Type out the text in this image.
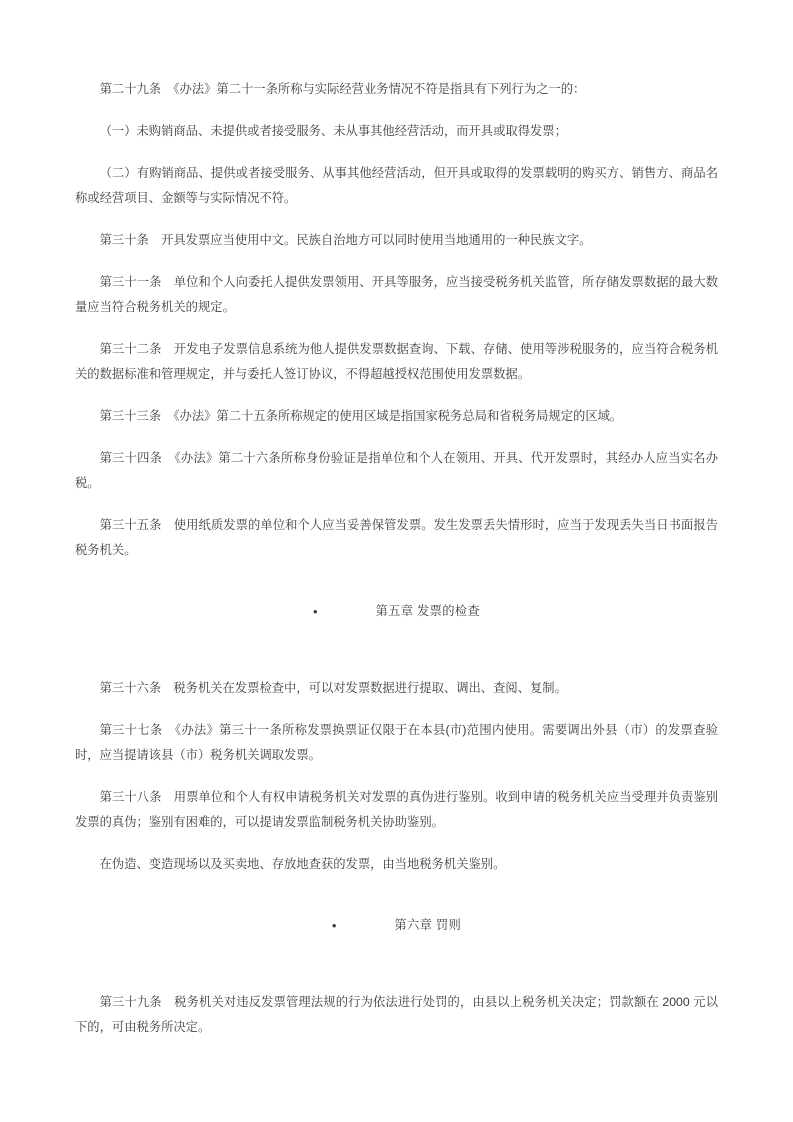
第二十九条　《办法》第二十一条所称与实际经营业务情况不符是指具有下列行为之一的：

（一）未购销商品、未提供或者接受服务、未从事其他经营活动，而开具或取得发票；

（二）有购销商品、提供或者接受服务、从事其他经营活动，但开具或取得的发票载明的购买方、销售方、商品名称或经营项目、金额等与实际情况不符。

第三十条　开具发票应当使用中文。民族自治地方可以同时使用当地通用的一种民族文字。

第三十一条　单位和个人向委托人提供发票领用、开具等服务，应当接受税务机关监管，所存储发票数据的最大数量应当符合税务机关的规定。

第三十二条　开发电子发票信息系统为他人提供发票数据查询、下载、存储、使用等涉税服务的，应当符合税务机关的数据标准和管理规定，并与委托人签订协议，不得超越授权范围使用发票数据。

第三十三条　《办法》第二十五条所称规定的使用区域是指国家税务总局和省税务局规定的区域。

第三十四条　《办法》第二十六条所称身份验证是指单位和个人在领用、开具、代开发票时，其经办人应当实名办税。

第三十五条　使用纸质发票的单位和个人应当妥善保管发票。发生发票丢失情形时，应当于发现丢失当日书面报告税务机关。

•	第五章 发票的检查

第三十六条　税务机关在发票检查中，可以对发票数据进行提取、调出、查阅、复制。

第三十七条　《办法》第三十一条所称发票换票证仅限于在本县(市)范围内使用。需要调出外县（市）的发票查验时，应当提请该县（市）税务机关调取发票。

第三十八条　用票单位和个人有权申请税务机关对发票的真伪进行鉴别。收到申请的税务机关应当受理并负责鉴别发票的真伪；鉴别有困难的，可以提请发票监制税务机关协助鉴别。

在伪造、变造现场以及买卖地、存放地查获的发票，由当地税务机关鉴别。

•	第六章 罚则

第三十九条　税务机关对违反发票管理法规的行为依法进行处罚的，由县以上税务机关决定；罚款额在 2000 元以下的，可由税务所决定。
